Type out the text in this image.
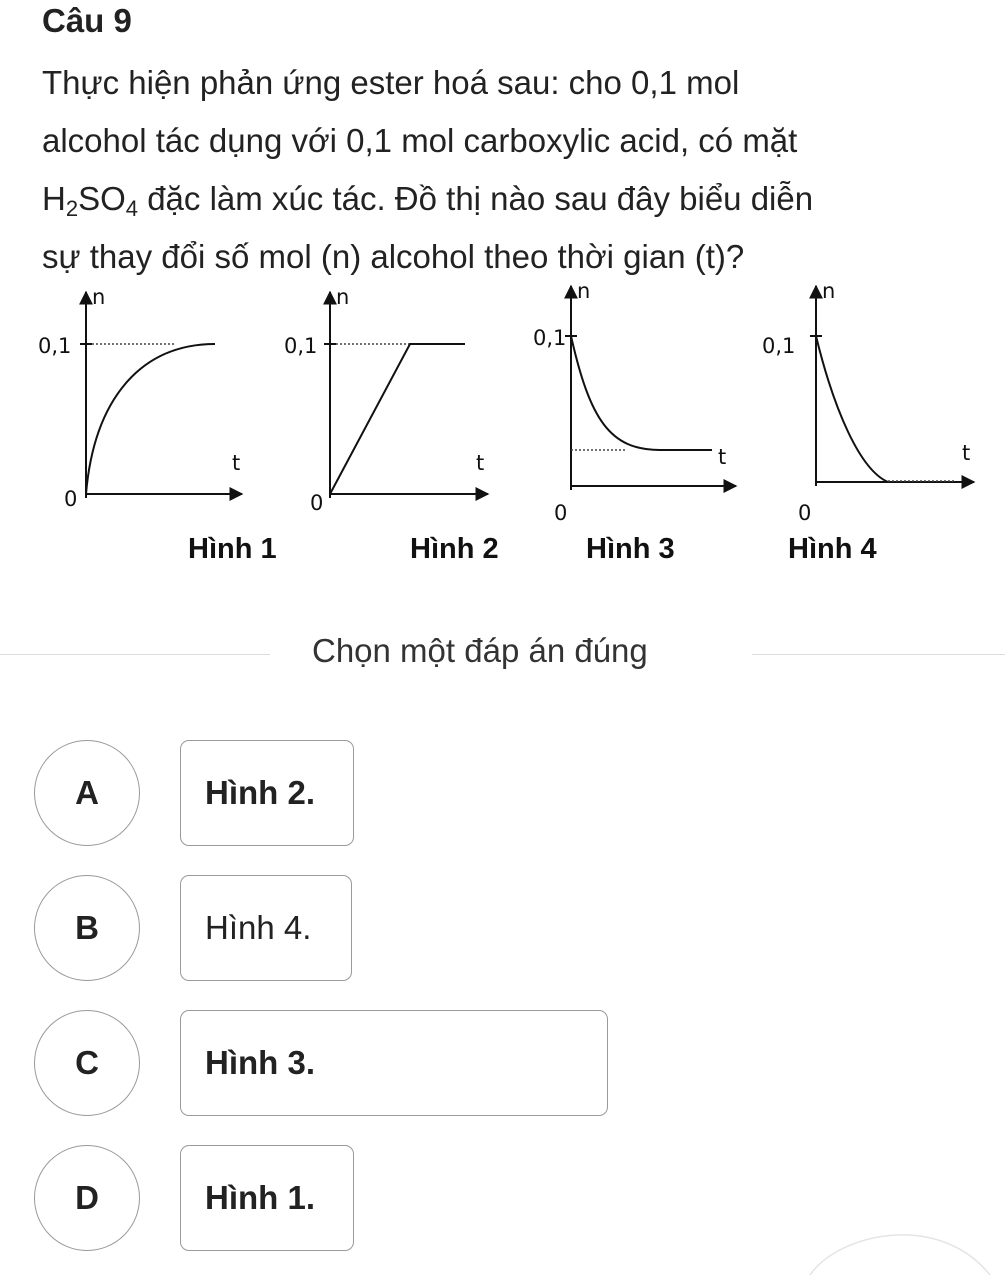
Câu 9
Thực hiện phản ứng ester hoá sau: cho 0,1 mol
alcohol tác dụng với 0,1 mol carboxylic acid, có mặt
$H_2SO_4$ đặc làm xúc tác. Đồ thị nào sau đây biểu diễn
sự thay đổi số mol (n) alcohol theo thời gian (t)?
n
0,1
t
0
n
0,1
t
0
n
0,1
t
0
n
0,1
t
0
Hình 1	Hình 2	Hình 3	Hình 4
Chọn một đáp án đúng
A	Hình 2.
B	Hình 4.
C	Hình 3.
D	Hình 1.
